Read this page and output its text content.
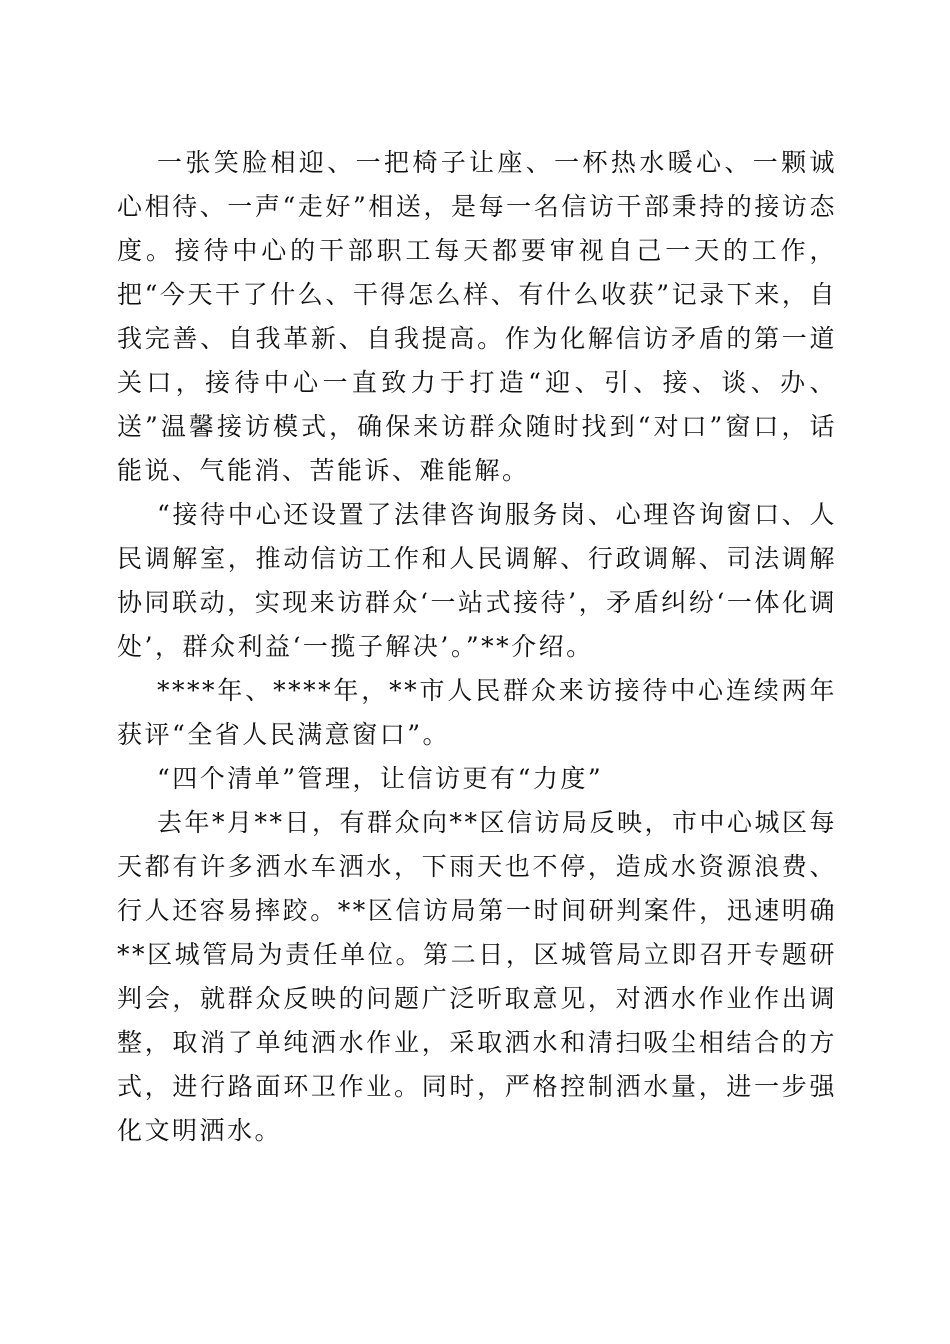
一张笑脸相迎、一把椅子让座、一杯热水暖心、一颗诚心相待、一声“走好”相送，是每一名信访干部秉持的接访态度。接待中心的干部职工每天都要审视自己一天的工作，把“今天干了什么、干得怎么样、有什么收获”记录下来，自我完善、自我革新、自我提高。作为化解信访矛盾的第一道关口，接待中心一直致力于打造“迎、引、接、谈、办、送”温馨接访模式，确保来访群众随时找到“对口”窗口，话能说、气能消、苦能诉、难能解。

“接待中心还设置了法律咨询服务岗、心理咨询窗口、人民调解室，推动信访工作和人民调解、行政调解、司法调解协同联动，实现来访群众‘一站式接待’，矛盾纠纷‘一体化调处’，群众利益‘一揽子解决’。”**介绍。

****年、****年，**市人民群众来访接待中心连续两年获评“全省人民满意窗口”。

“四个清单”管理，让信访更有“力度”

去年*月**日，有群众向**区信访局反映，市中心城区每天都有许多洒水车洒水，下雨天也不停，造成水资源浪费、行人还容易摔跤。**区信访局第一时间研判案件，迅速明确**区城管局为责任单位。第二日，区城管局立即召开专题研判会，就群众反映的问题广泛听取意见，对洒水作业作出调整，取消了单纯洒水作业，采取洒水和清扫吸尘相结合的方式，进行路面环卫作业。同时，严格控制洒水量，进一步强化文明洒水。
